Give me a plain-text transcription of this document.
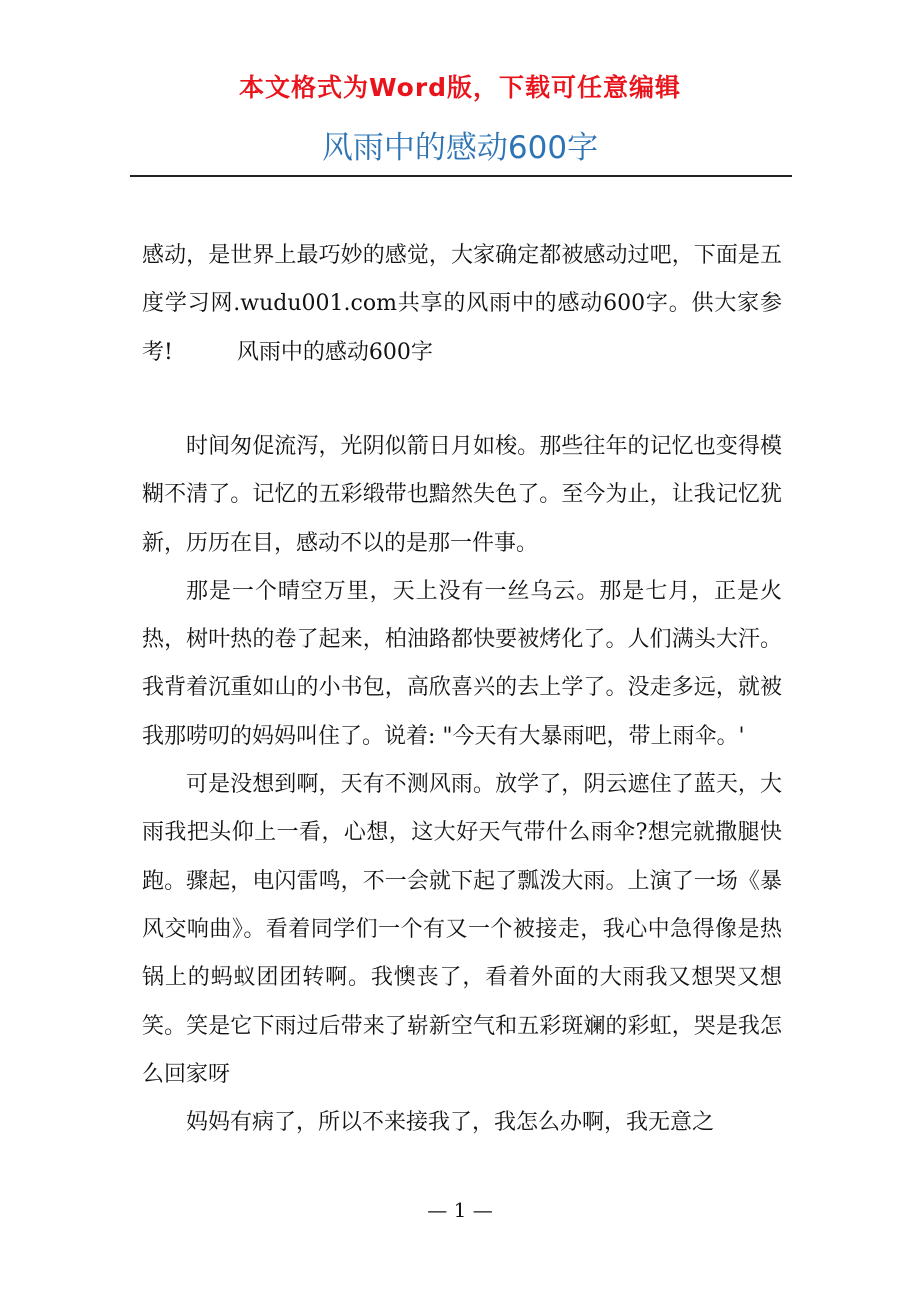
本文格式为Word版，下载可任意编辑
风雨中的感动600字

感动，是世界上最巧妙的感觉，大家确定都被感动过吧，下面是五度学习网.wudu001.com共享的风雨中的感动600字。供大家参考!	风雨中的感动600字

时间匆促流泻，光阴似箭日月如梭。那些往年的记忆也变得模糊不清了。记忆的五彩缎带也黯然失色了。至今为止，让我记忆犹新，历历在目，感动不以的是那一件事。

那是一个晴空万里，天上没有一丝乌云。那是七月，正是火热，树叶热的卷了起来，柏油路都快要被烤化了。人们满头大汗。我背着沉重如山的小书包，高欣喜兴的去上学了。没走多远，就被我那唠叨的妈妈叫住了。说着: "今天有大暴雨吧，带上雨伞。'

可是没想到啊，天有不测风雨。放学了，阴云遮住了蓝天，大雨我把头仰上一看，心想，这大好天气带什么雨伞?想完就撒腿快跑。骤起，电闪雷鸣，不一会就下起了瓢泼大雨。上演了一场《暴风交响曲》。看着同学们一个有又一个被接走，我心中急得像是热锅上的蚂蚁团团转啊。我懊丧了，看着外面的大雨我又想哭又想笑。笑是它下雨过后带来了崭新空气和五彩斑斓的彩虹，哭是我怎么回家呀

妈妈有病了，所以不来接我了，我怎么办啊，我无意之

— 1 —
